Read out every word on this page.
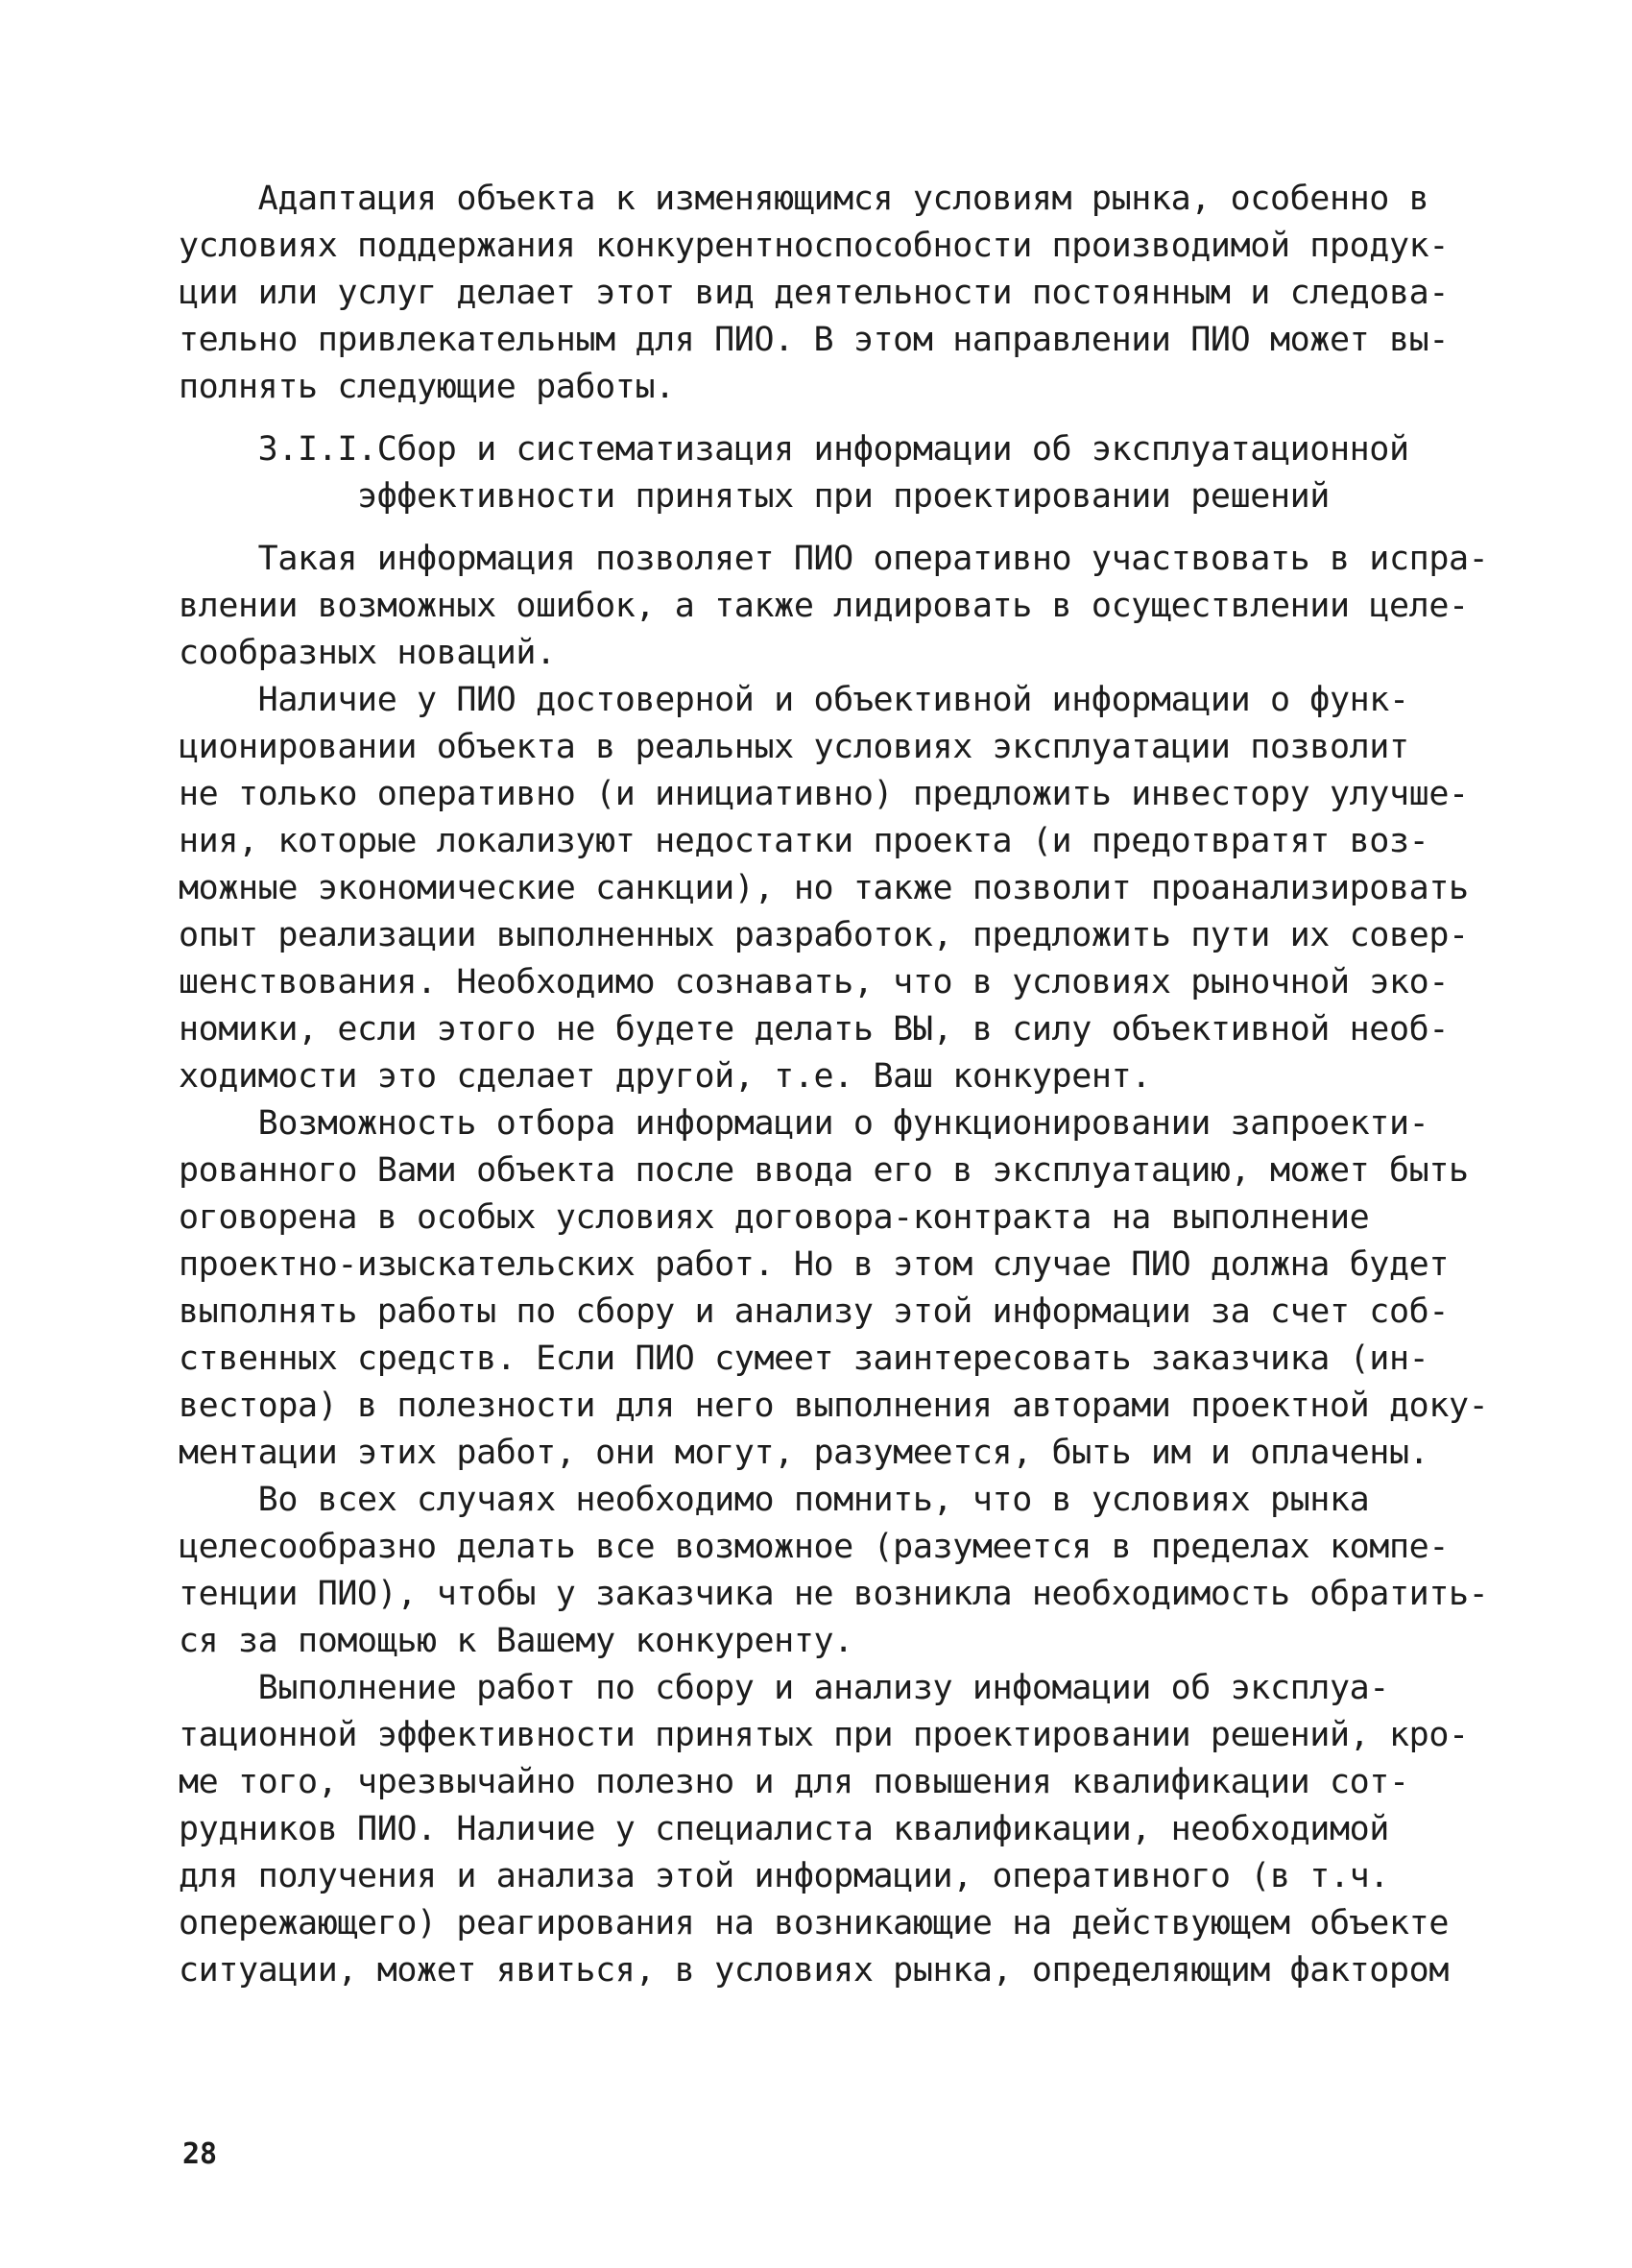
Адаптация объекта к изменяющимся условиям рынка, особенно в
условиях поддержания конкурентноспособности производимой продук-
ции или услуг делает этот вид деятельности постоянным и следова-
тельно привлекательным для ПИО. В этом направлении ПИО может вы-
полнять следующие работы.
3.I.I.Сбор и систематизация информации об эксплуатационной
эффективности принятых при проектировании решений
Такая информация позволяет ПИО оперативно участвовать в испра-
влении возможных ошибок, а также лидировать в осуществлении целе-
сообразных новаций.
Наличие у ПИО достоверной и объективной информации о функ-
ционировании объекта в реальных условиях эксплуатации позволит
не только оперативно (и инициативно) предложить инвестору улучше-
ния, которые локализуют недостатки проекта (и предотвратят воз-
можные экономические санкции), но также позволит проанализировать
опыт реализации выполненных разработок, предложить пути их совер-
шенствования. Необходимо сознавать, что в условиях рыночной эко-
номики, если этого не будете делать ВЫ, в силу объективной необ-
ходимости это сделает другой, т.е. Ваш конкурент.
Возможность отбора информации о функционировании запроекти-
рованного Вами объекта после ввода его в эксплуатацию, может быть
оговорена в особых условиях договора-контракта на выполнение
проектно-изыскательских работ. Но в этом случае ПИО должна будет
выполнять работы по сбору и анализу этой информации за счет соб-
ственных средств. Если ПИО сумеет заинтересовать заказчика (ин-
вестора) в полезности для него выполнения авторами проектной доку-
ментации этих работ, они могут, разумеется, быть им и оплачены.
Во всех случаях необходимо помнить, что в условиях рынка
целесообразно делать все возможное (разумеется в пределах компе-
тенции ПИО), чтобы у заказчика не возникла необходимость обратить-
ся за помощью к Вашему конкуренту.
Выполнение работ по сбору и анализу инфомации об эксплуа-
тационной эффективности принятых при проектировании решений, кро-
ме того, чрезвычайно полезно и для повышения квалификации сот-
рудников ПИО. Наличие у специалиста квалификации, необходимой
для получения и анализа этой информации, оперативного (в т.ч.
опережающего) реагирования на возникающие на действующем объекте
ситуации, может явиться, в условиях рынка, определяющим фактором
28
